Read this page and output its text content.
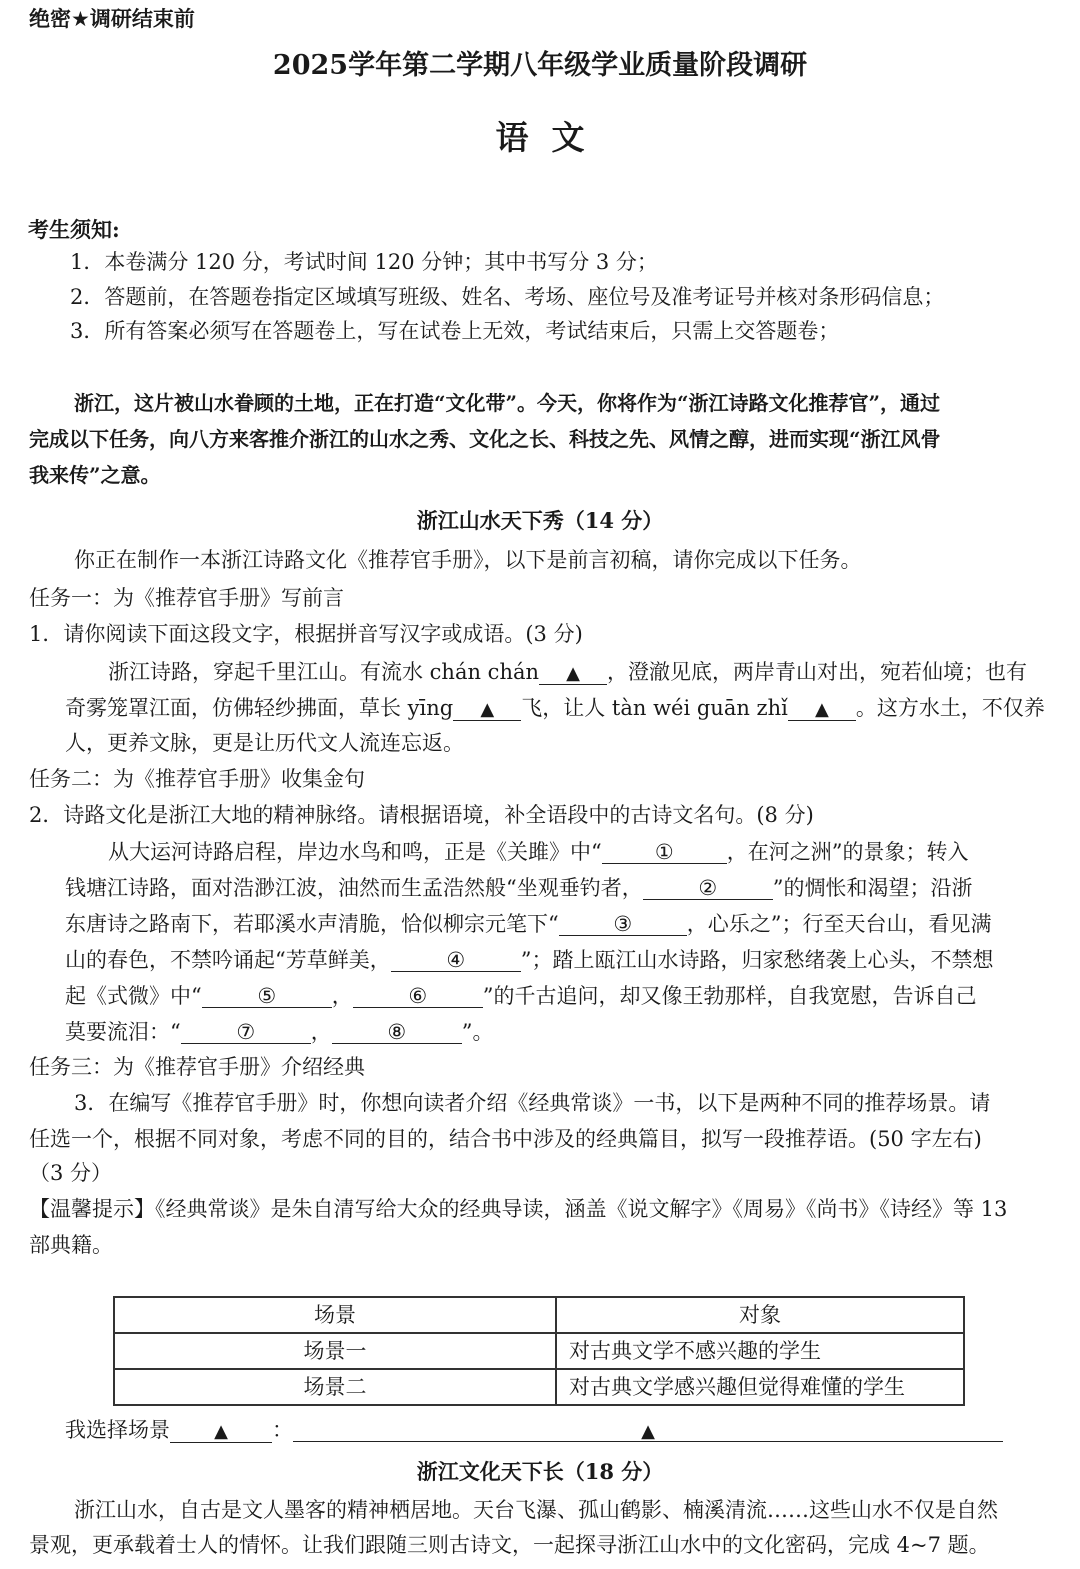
绝密★调研结束前
2025学年第二学期八年级学业质量阶段调研
语  文
考生须知:
1．本卷满分 120 分，考试时间 120 分钟；其中书写分 3 分；
2．答题前，在答题卷指定区域填写班级、姓名、考场、座位号及准考证号并核对条形码信息；
3．所有答案必须写在答题卷上，写在试卷上无效，考试结束后，只需上交答题卷；
浙江，这片被山水眷顾的土地，正在打造“文化带”。今天，你将作为“浙江诗路文化推荐官”，通过
完成以下任务，向八方来客推介浙江的山水之秀、文化之长、科技之先、风情之醇，进而实现“浙江风骨
我来传”之意。
浙江山水天下秀（14 分）
你正在制作一本浙江诗路文化《推荐官手册》，以下是前言初稿，请你完成以下任务。
任务一：为《推荐官手册》写前言
1．请你阅读下面这段文字，根据拼音写汉字或成语。(3 分)
浙江诗路，穿起千里江山。有流水 chán chán ▲ ，澄澈见底，两岸青山对出，宛若仙境；也有
奇雾笼罩江面，仿佛轻纱拂面，草长 yīng ▲ 飞，让人 tàn wéi guān zhǐ ▲ 。这方水土，不仅养
人，更养文脉，更是让历代文人流连忘返。
任务二：为《推荐官手册》收集金句
2．诗路文化是浙江大地的精神脉络。请根据语境，补全语段中的古诗文名句。(8 分)
从大运河诗路启程，岸边水鸟和鸣，正是《关雎》中“	①	，在河之洲”的景象；转入
钱塘江诗路，面对浩渺江波，油然而生孟浩然般“坐观垂钓者，	②	”的惆怅和渴望；沿浙
东唐诗之路南下，若耶溪水声清脆，恰似柳宗元笔下“	③	，心乐之”；行至天台山，看见满
山的春色，不禁吟诵起“芳草鲜美，	④	”；踏上瓯江山水诗路，归家愁绪袭上心头，不禁想
起《式微》中“	⑤	，	⑥	”的千古追问，却又像王勃那样，自我宽慰，告诉自己
莫要流泪：“	⑦	，	⑧	”。
任务三：为《推荐官手册》介绍经典
3．在编写《推荐官手册》时，你想向读者介绍《经典常谈》一书，以下是两种不同的推荐场景。请
任选一个，根据不同对象，考虑不同的目的，结合书中涉及的经典篇目，拟写一段推荐语。(50 字左右)
（3 分）
【温馨提示】《经典常谈》是朱自清写给大众的经典导读，涵盖《说文解字》《周易》《尚书》《诗经》等 13
部典籍。
场景	对象
场景一	对古典文学不感兴趣的学生
场景二	对古典文学感兴趣但觉得难懂的学生
我选择场景 ▲ ：	▲
浙江文化天下长（18 分）
浙江山水，自古是文人墨客的精神栖居地。天台飞瀑、孤山鹤影、楠溪清流……这些山水不仅是自然
景观，更承载着士人的情怀。让我们跟随三则古诗文，一起探寻浙江山水中的文化密码，完成 4~7 题。
